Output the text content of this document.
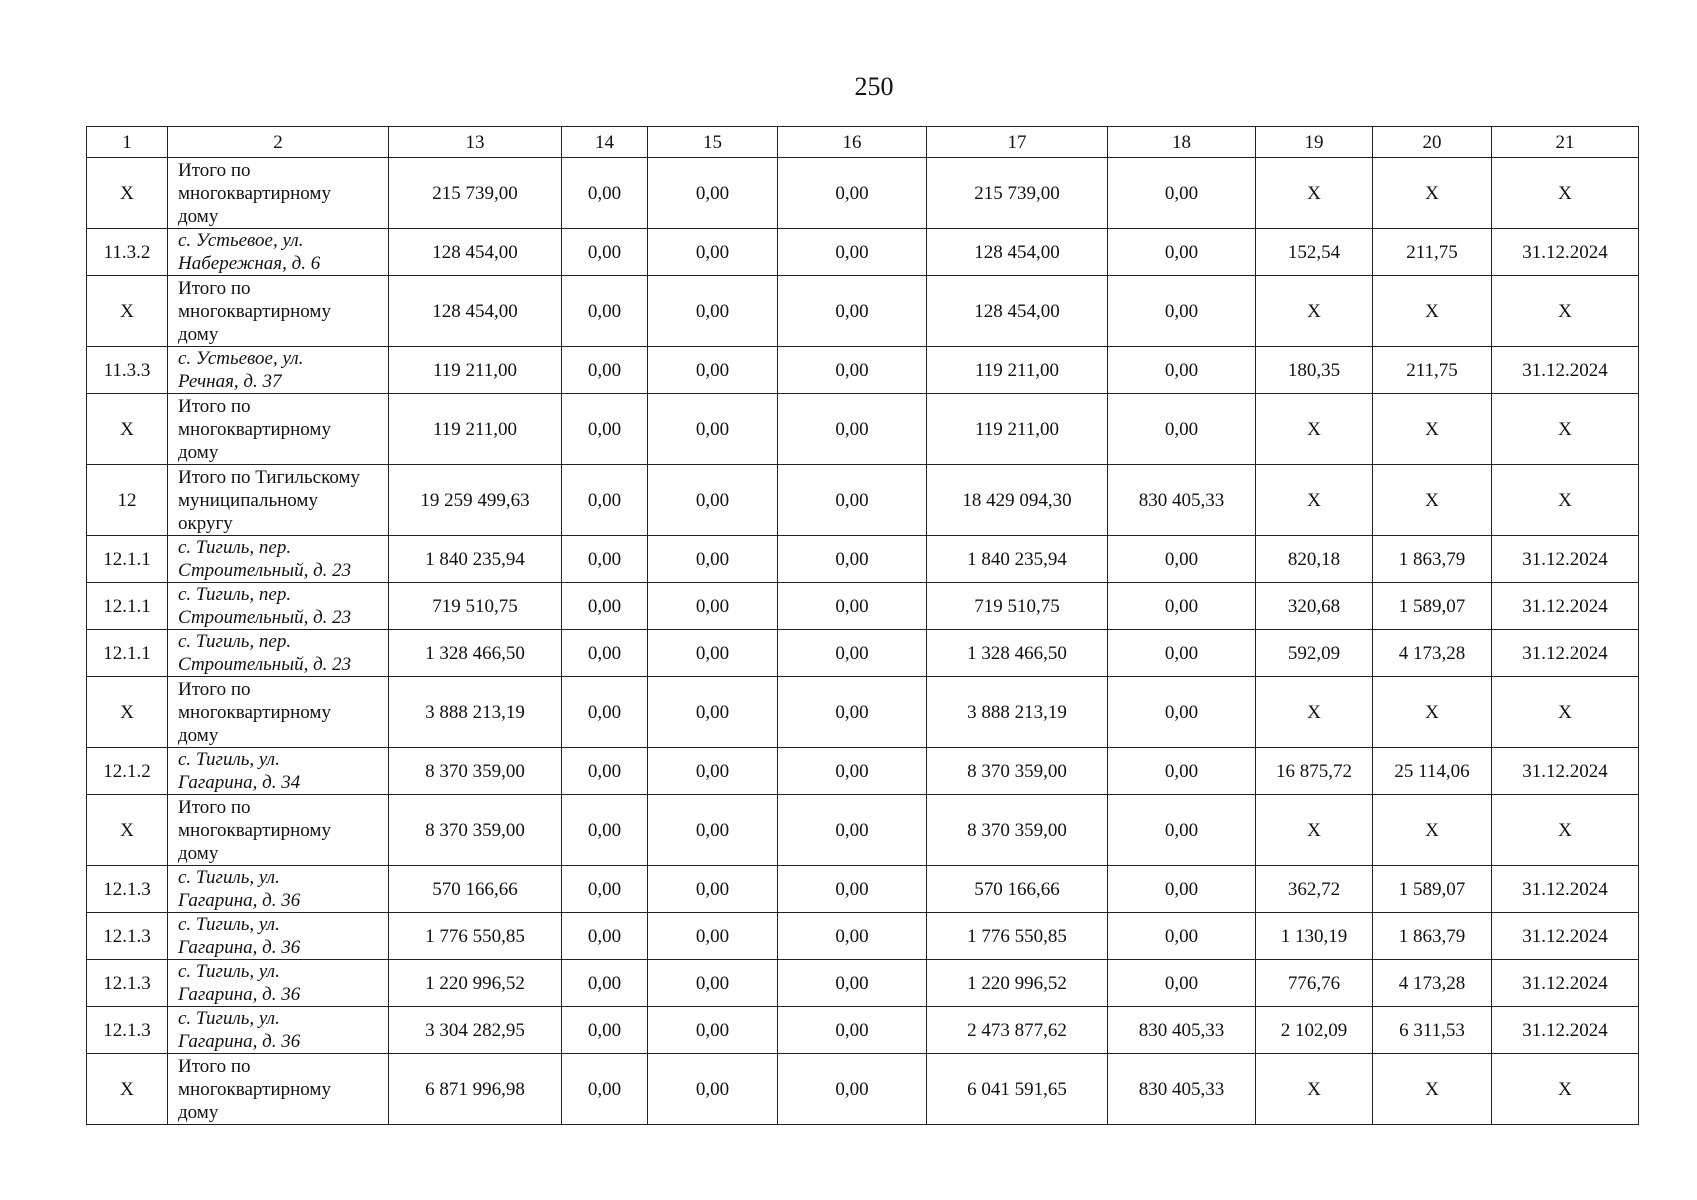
250
1	2	13	14	15	16	17	18	19	20	21
X	Итого по
многоквартирному
дому	215 739,00	0,00	0,00	0,00	215 739,00	0,00	X	X	X
11.3.2	с. Устьевое, ул.
Набережная, д. 6	128 454,00	0,00	0,00	0,00	128 454,00	0,00	152,54	211,75	31.12.2024
X	Итого по
многоквартирному
дому	128 454,00	0,00	0,00	0,00	128 454,00	0,00	X	X	X
11.3.3	с. Устьевое, ул.
Речная, д. 37	119 211,00	0,00	0,00	0,00	119 211,00	0,00	180,35	211,75	31.12.2024
X	Итого по
многоквартирному
дому	119 211,00	0,00	0,00	0,00	119 211,00	0,00	X	X	X
12	Итого по Тигильскому
муниципальному
округу	19 259 499,63	0,00	0,00	0,00	18 429 094,30	830 405,33	X	X	X
12.1.1	с. Тигиль, пер.
Строительный, д. 23	1 840 235,94	0,00	0,00	0,00	1 840 235,94	0,00	820,18	1 863,79	31.12.2024
12.1.1	с. Тигиль, пер.
Строительный, д. 23	719 510,75	0,00	0,00	0,00	719 510,75	0,00	320,68	1 589,07	31.12.2024
12.1.1	с. Тигиль, пер.
Строительный, д. 23	1 328 466,50	0,00	0,00	0,00	1 328 466,50	0,00	592,09	4 173,28	31.12.2024
X	Итого по
многоквартирному
дому	3 888 213,19	0,00	0,00	0,00	3 888 213,19	0,00	X	X	X
12.1.2	с. Тигиль, ул.
Гагарина, д. 34	8 370 359,00	0,00	0,00	0,00	8 370 359,00	0,00	16 875,72	25 114,06	31.12.2024
X	Итого по
многоквартирному
дому	8 370 359,00	0,00	0,00	0,00	8 370 359,00	0,00	X	X	X
12.1.3	с. Тигиль, ул.
Гагарина, д. 36	570 166,66	0,00	0,00	0,00	570 166,66	0,00	362,72	1 589,07	31.12.2024
12.1.3	с. Тигиль, ул.
Гагарина, д. 36	1 776 550,85	0,00	0,00	0,00	1 776 550,85	0,00	1 130,19	1 863,79	31.12.2024
12.1.3	с. Тигиль, ул.
Гагарина, д. 36	1 220 996,52	0,00	0,00	0,00	1 220 996,52	0,00	776,76	4 173,28	31.12.2024
12.1.3	с. Тигиль, ул.
Гагарина, д. 36	3 304 282,95	0,00	0,00	0,00	2 473 877,62	830 405,33	2 102,09	6 311,53	31.12.2024
X	Итого по
многоквартирному
дому	6 871 996,98	0,00	0,00	0,00	6 041 591,65	830 405,33	X	X	X
